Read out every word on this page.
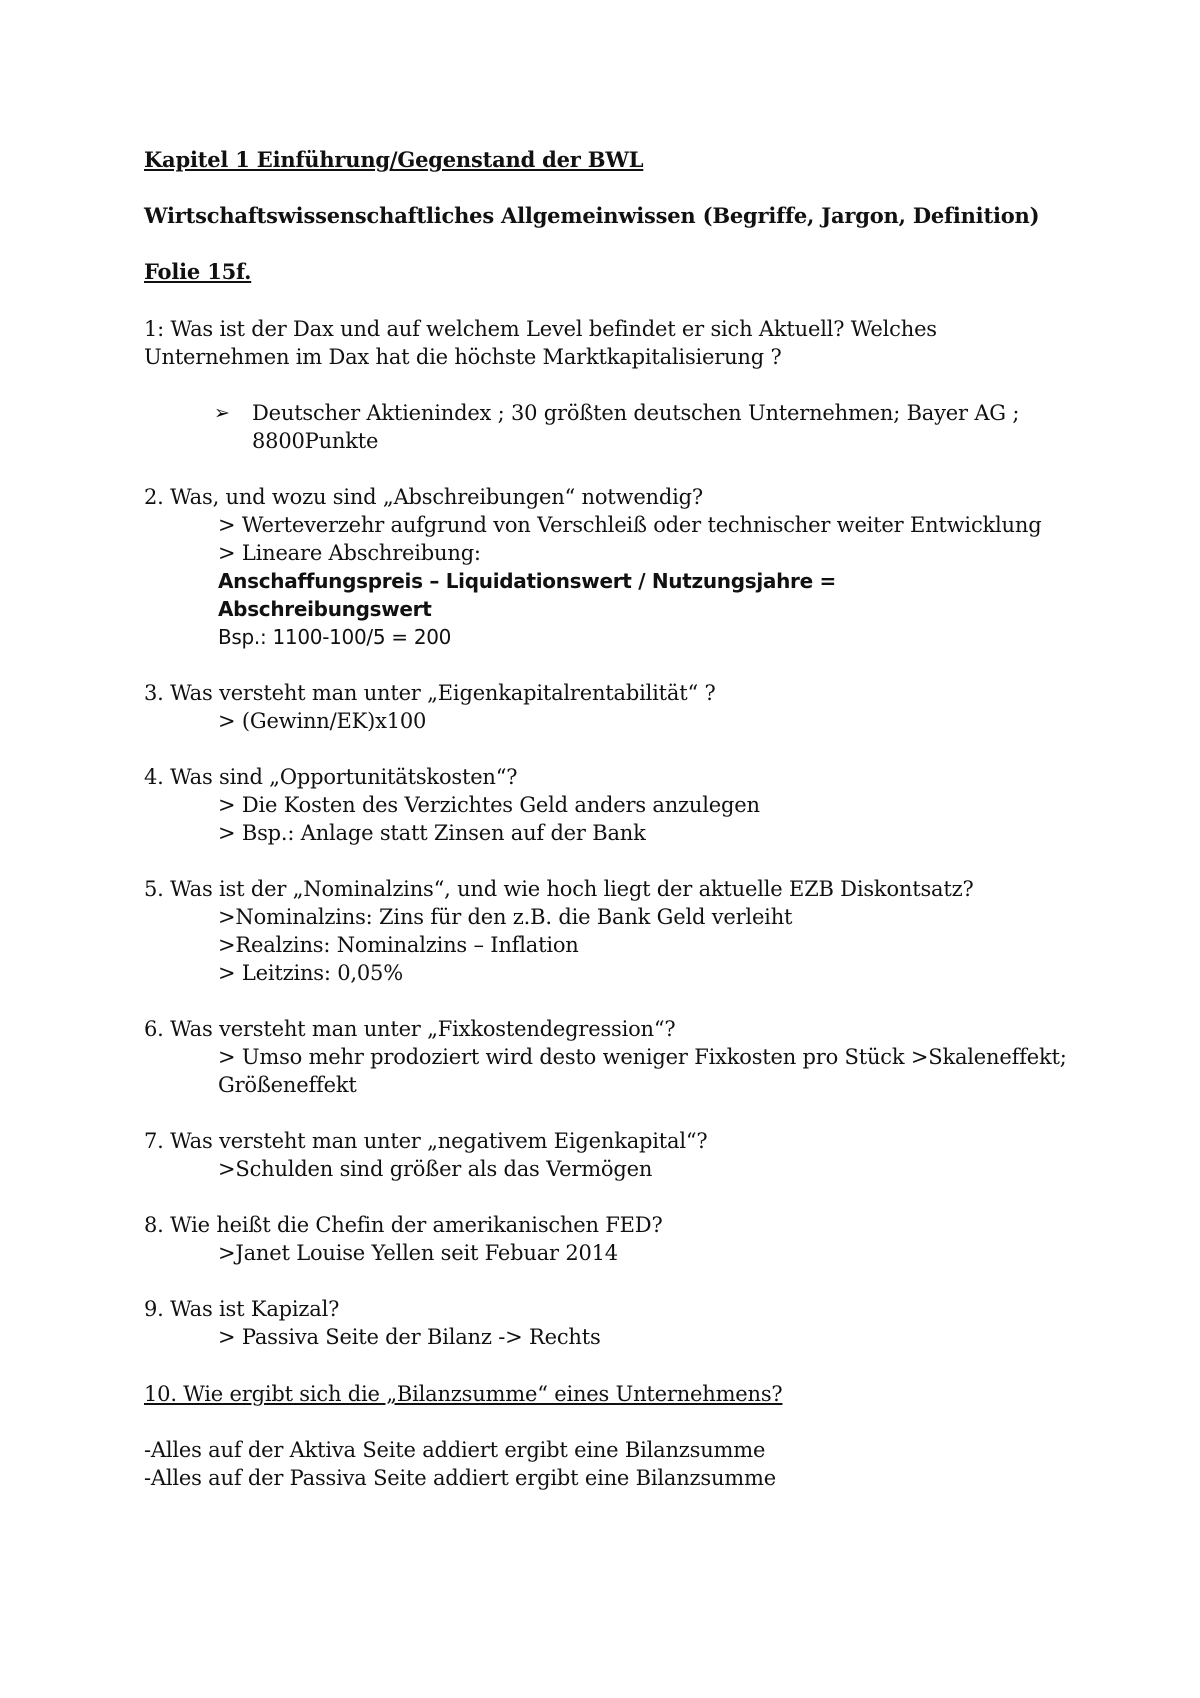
Kapitel 1 Einführung/Gegenstand der BWL
Wirtschaftswissenschaftliches Allgemeinwissen (Begriffe, Jargon, Definition)
Folie 15f.
1: Was ist der Dax und auf welchem Level befindet er sich Aktuell? Welches
Unternehmen im Dax hat die höchste Marktkapitalisierung ?
➢ Deutscher Aktienindex ; 30 größten deutschen Unternehmen; Bayer AG ;
8800Punkte
2. Was, und wozu sind „Abschreibungen“ notwendig?
> Werteverzehr aufgrund von Verschleiß oder technischer weiter Entwicklung
> Lineare Abschreibung:
Anschaffungspreis – Liquidationswert / Nutzungsjahre =
Abschreibungswert
Bsp.: 1100-100/5 = 200
3. Was versteht man unter „Eigenkapitalrentabilität“ ?
> (Gewinn/EK)x100
4. Was sind „Opportunitätskosten“?
> Die Kosten des Verzichtes Geld anders anzulegen
> Bsp.: Anlage statt Zinsen auf der Bank
5. Was ist der „Nominalzins“, und wie hoch liegt der aktuelle EZB Diskontsatz?
>Nominalzins: Zins für den z.B. die Bank Geld verleiht
>Realzins: Nominalzins – Inflation
> Leitzins: 0,05%
6. Was versteht man unter „Fixkostendegression“?
> Umso mehr prodoziert wird desto weniger Fixkosten pro Stück >Skaleneffekt;
Größeneffekt
7. Was versteht man unter „negativem Eigenkapital“?
>Schulden sind größer als das Vermögen
8. Wie heißt die Chefin der amerikanischen FED?
>Janet Louise Yellen seit Febuar 2014
9. Was ist Kapizal?
> Passiva Seite der Bilanz -> Rechts
10. Wie ergibt sich die „Bilanzsumme“ eines Unternehmens?
-Alles auf der Aktiva Seite addiert ergibt eine Bilanzsumme
-Alles auf der Passiva Seite addiert ergibt eine Bilanzsumme
